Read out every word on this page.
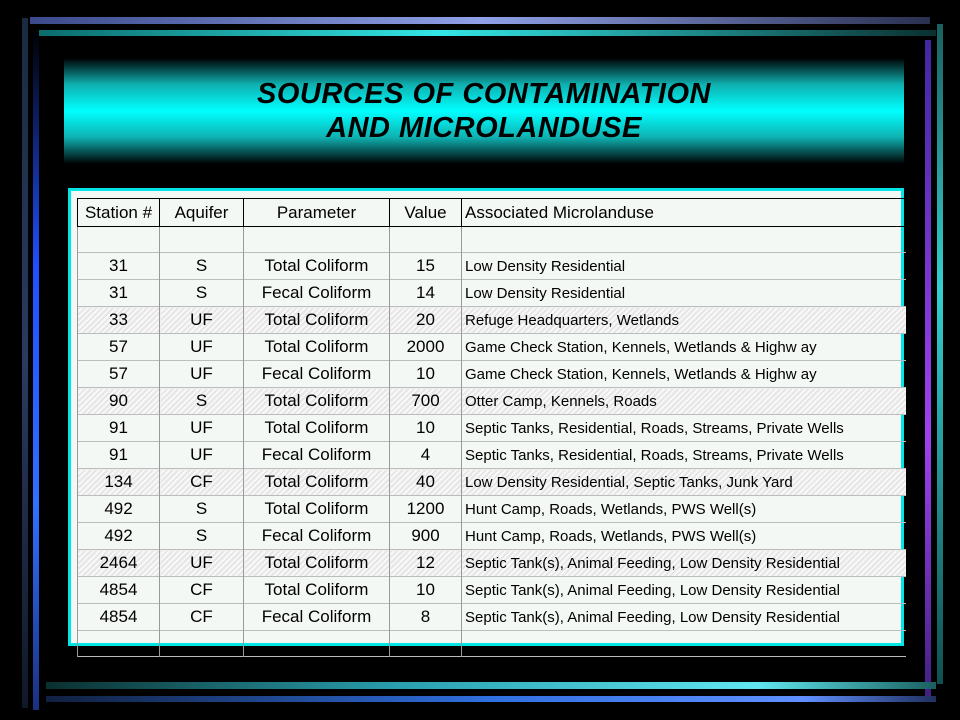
SOURCES OF CONTAMINATION
AND MICROLANDUSE
Station #	Aquifer	Parameter	Value	Associated Microlanduse

31	S	Total Coliform	15	Low Density Residential
31	S	Fecal Coliform	14	Low Density Residential
33	UF	Total Coliform	20	Refuge Headquarters, Wetlands
57	UF	Total Coliform	2000	Game Check Station, Kennels, Wetlands & Highw ay
57	UF	Fecal Coliform	10	Game Check Station, Kennels, Wetlands & Highw ay
90	S	Total Coliform	700	Otter Camp, Kennels, Roads
91	UF	Total Coliform	10	Septic Tanks, Residential, Roads, Streams, Private Wells
91	UF	Fecal Coliform	4	Septic Tanks, Residential, Roads, Streams, Private Wells
134	CF	Total Coliform	40	Low Density Residential, Septic Tanks, Junk Yard
492	S	Total Coliform	1200	Hunt Camp, Roads, Wetlands, PWS Well(s)
492	S	Fecal Coliform	900	Hunt Camp, Roads, Wetlands, PWS Well(s)
2464	UF	Total Coliform	12	Septic Tank(s), Animal Feeding, Low Density Residential
4854	CF	Total Coliform	10	Septic Tank(s), Animal Feeding, Low Density Residential
4854	CF	Fecal Coliform	8	Septic Tank(s), Animal Feeding, Low Density Residential
